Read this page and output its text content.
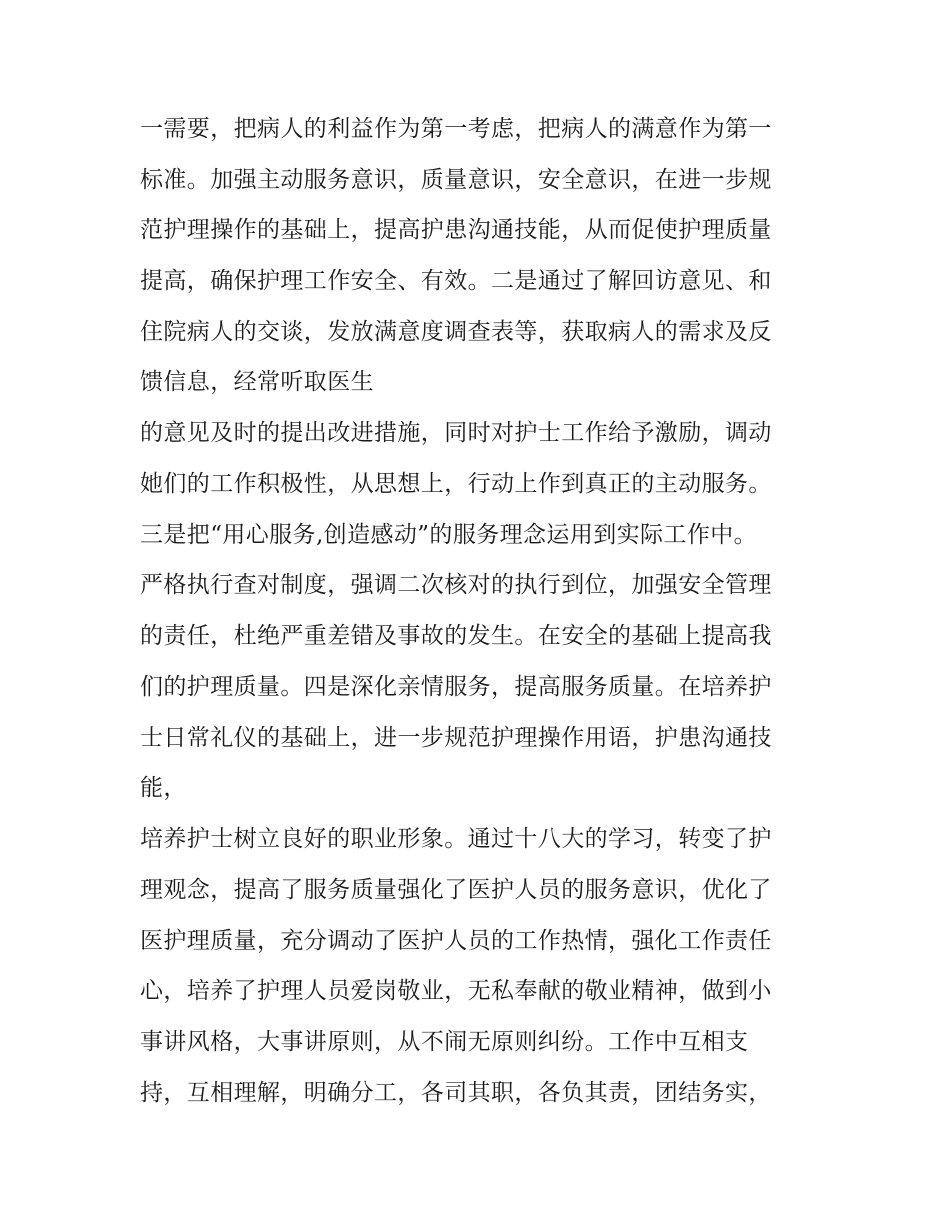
一需要，把病人的利益作为第一考虑，把病人的满意作为第一
标准。加强主动服务意识，质量意识，安全意识，在进一步规
范护理操作的基础上，提高护患沟通技能，从而促使护理质量
提高，确保护理工作安全、有效。二是通过了解回访意见、和
住院病人的交谈，发放满意度调查表等，获取病人的需求及反
馈信息，经常听取医生
的意见及时的提出改进措施，同时对护士工作给予激励，调动
她们的工作积极性，从思想上，行动上作到真正的主动服务。
三是把“用心服务,创造感动”的服务理念运用到实际工作中。
严格执行查对制度，强调二次核对的执行到位，加强安全管理
的责任，杜绝严重差错及事故的发生。在安全的基础上提高我
们的护理质量。四是深化亲情服务，提高服务质量。在培养护
士日常礼仪的基础上，进一步规范护理操作用语，护患沟通技
能，
培养护士树立良好的职业形象。通过十八大的学习，转变了护
理观念，提高了服务质量强化了医护人员的服务意识，优化了
医护理质量，充分调动了医护人员的工作热情，强化工作责任
心，培养了护理人员爱岗敬业，无私奉献的敬业精神，做到小
事讲风格，大事讲原则，从不闹无原则纠纷。工作中互相支
持，互相理解，明确分工，各司其职，各负其责，团结务实，
